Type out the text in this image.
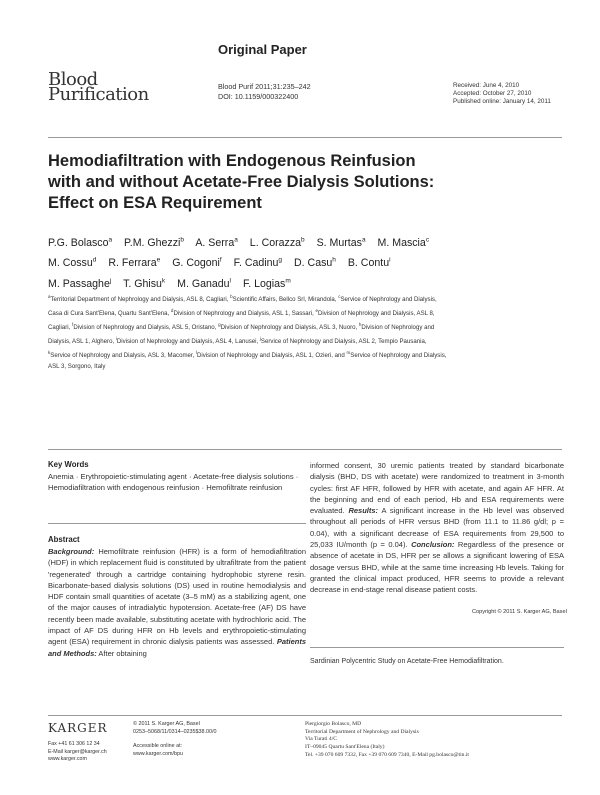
Original Paper
Blood
Purification	Blood Purif 2011;31:235–242
DOI: 10.1159/000322400
Received: June 4, 2010
Accepted: October 27, 2010
Published online: January 14, 2011
Hemodiafiltration with Endogenous Reinfusion
with and without Acetate-Free Dialysis Solutions:
Effect on ESA Requirement
P.G. Bolasco$^a$ P.M. Ghezzi$^b$ A. Serra$^a$ L. Corazza$^b$ S. Murtas$^a$ M. Mascia$^c$
M. Cossu$^d$ R. Ferrara$^e$ G. Cogoni$^f$ F. Cadinu$^g$ D. Casu$^h$ B. Contu$^i$
M. Passaghe$^j$ T. Ghisu$^k$ M. Ganadu$^l$ F. Logias$^m$
$^a$Territorial Department of Nephrology and Dialysis, ASL 8, Cagliari, $^b$Scientific Affairs, Bellco Srl, Mirandola, $^c$Service of Nephrology and Dialysis, Casa di Cura Sant'Elena, Quartu Sant'Elena, $^d$Division of Nephrology and Dialysis, ASL 1, Sassari, $^e$Division of Nephrology and Dialysis, ASL 8, Cagliari, $^f$Division of Nephrology and Dialysis, ASL 5, Oristano, $^g$Division of Nephrology and Dialysis, ASL 3, Nuoro, $^h$Division of Nephrology and Dialysis, ASL 1, Alghero, $^i$Division of Nephrology and Dialysis, ASL 4, Lanusei, $^j$Service of Nephrology and Dialysis, ASL 2, Tempio Pausania, $^k$Service of Nephrology and Dialysis, ASL 3, Macomer, $^l$Division of Nephrology and Dialysis, ASL 1, Ozieri, and $^m$Service of Nephrology and Dialysis, ASL 3, Sorgono, Italy
Key Words
Anemia · Erythropoietic-stimulating agent · Acetate-free dialysis solutions · Hemodiafiltration with endogenous reinfusion · Hemofiltrate reinfusion
Abstract
Background: Hemofiltrate reinfusion (HFR) is a form of hemodiafiltration (HDF) in which replacement fluid is constituted by ultrafiltrate from the patient 'regenerated' through a cartridge containing hydrophobic styrene resin. Bicarbonate-based dialysis solutions (DS) used in routine hemodialysis and HDF contain small quantities of acetate (3–5 mM) as a stabilizing agent, one of the major causes of intradialytic hypotension. Acetate-free (AF) DS have recently been made available, substituting acetate with hydrochloric acid. The impact of AF DS during HFR on Hb levels and erythropoietic-stimulating agent (ESA) requirement in chronic dialysis patients was assessed. Patients and Methods: After obtaining
informed consent, 30 uremic patients treated by standard bicarbonate dialysis (BHD, DS with acetate) were randomized to treatment in 3-month cycles: first AF HFR, followed by HFR with acetate, and again AF HFR. At the beginning and end of each period, Hb and ESA requirements were evaluated. Results: A significant increase in the Hb level was observed throughout all periods of HFR versus BHD (from 11.1 to 11.86 g/dl; p = 0.04), with a significant decrease of ESA requirements from 29,500 to 25,033 IU/month (p = 0.04). Conclusion: Regardless of the presence or absence of acetate in DS, HFR per se allows a significant lowering of ESA dosage versus BHD, while at the same time increasing Hb levels. Taking for granted the clinical impact produced, HFR seems to provide a relevant decrease in end-stage renal disease patient costs.
Copyright © 2011 S. Karger AG, Basel
Sardinian Polycentric Study on Acetate-Free Hemodiafiltration.
KARGER
Fax +41 61 306 12 34
E-Mail karger@karger.ch
www.karger.com
© 2011 S. Karger AG, Basel
0253–5068/11/0314–0235$38.00/0
Accessible online at:
www.karger.com/bpu
Piergiorgio Bolasco, MD
Territorial Department of Nephrology and Dialysis
Via Turati 4/C
IT–09045 Quartu Sant'Elena (Italy)
Tel. +39 070 609 7332, Fax +39 070 609 7340, E-Mail pg.bolasco@tin.it
